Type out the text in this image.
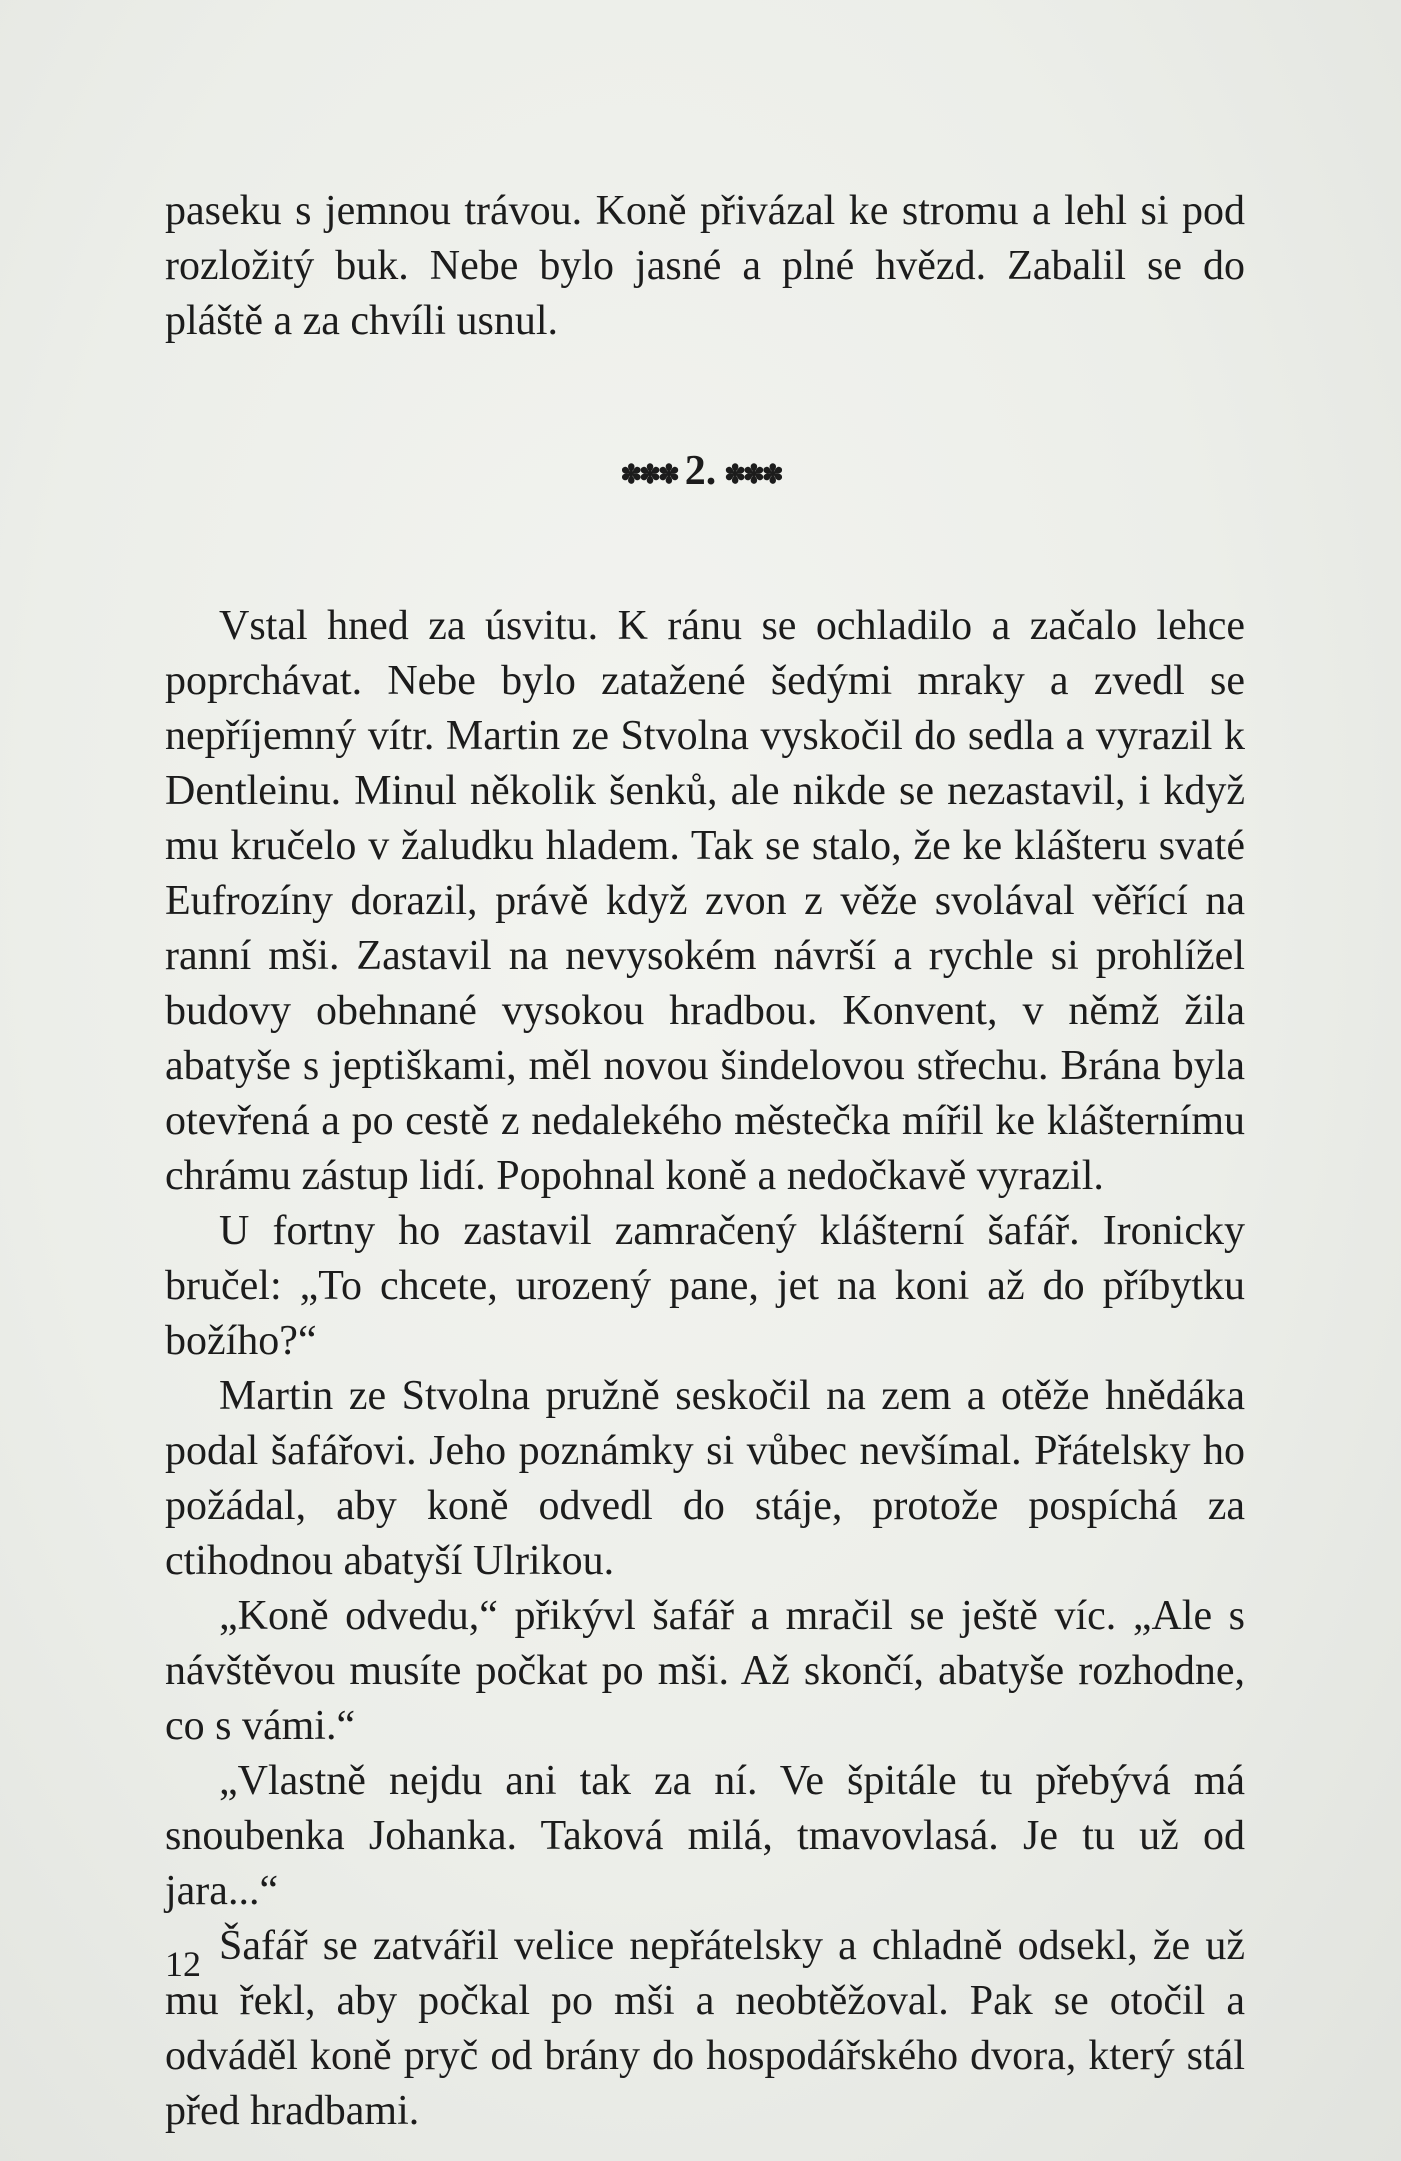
paseku s jemnou trávou. Koně přivázal ke stromu a lehl si pod rozložitý buk. Nebe bylo jasné a plné hvězd. Zabalil se do pláště a za chvíli usnul.

✽✽✽ 2. ✽✽✽

Vstal hned za úsvitu. K ránu se ochladilo a začalo lehce poprchávat. Nebe bylo zatažené šedými mraky a zvedl se nepříjemný vítr. Martin ze Stvolna vyskočil do sedla a vyrazil k Dentleinu. Minul několik šenků, ale nikde se nezastavil, i když mu kručelo v žaludku hladem. Tak se stalo, že ke klášteru svaté Eufrozíny dorazil, právě když zvon z věže svolával věřící na ranní mši. Zastavil na nevysokém návrší a rychle si prohlížel budovy obehnané vysokou hradbou. Konvent, v němž žila abatyše s jeptiškami, měl novou šindelovou střechu. Brána byla otevřená a po cestě z nedalekého městečka mířil ke klášternímu chrámu zástup lidí. Popohnal koně a nedočkavě vyrazil.

U fortny ho zastavil zamračený klášterní šafář. Ironicky bručel: „To chcete, urozený pane, jet na koni až do příbytku božího?“

Martin ze Stvolna pružně seskočil na zem a otěže hnědáka podal šafářovi. Jeho poznámky si vůbec nevšímal. Přátelsky ho požádal, aby koně odvedl do stáje, protože pospíchá za ctihodnou abatyší Ulrikou.

„Koně odvedu,“ přikývl šafář a mračil se ještě víc. „Ale s návštěvou musíte počkat po mši. Až skončí, abatyše rozhodne, co s vámi.“

„Vlastně nejdu ani tak za ní. Ve špitále tu přebývá má snoubenka Johanka. Taková milá, tmavovlasá. Je tu už od jara...“

Šafář se zatvářil velice nepřátelsky a chladně odsekl, že už mu řekl, aby počkal po mši a neobtěžoval. Pak se otočil a odváděl koně pryč od brány do hospodářského dvora, který stál před hradbami.

12
